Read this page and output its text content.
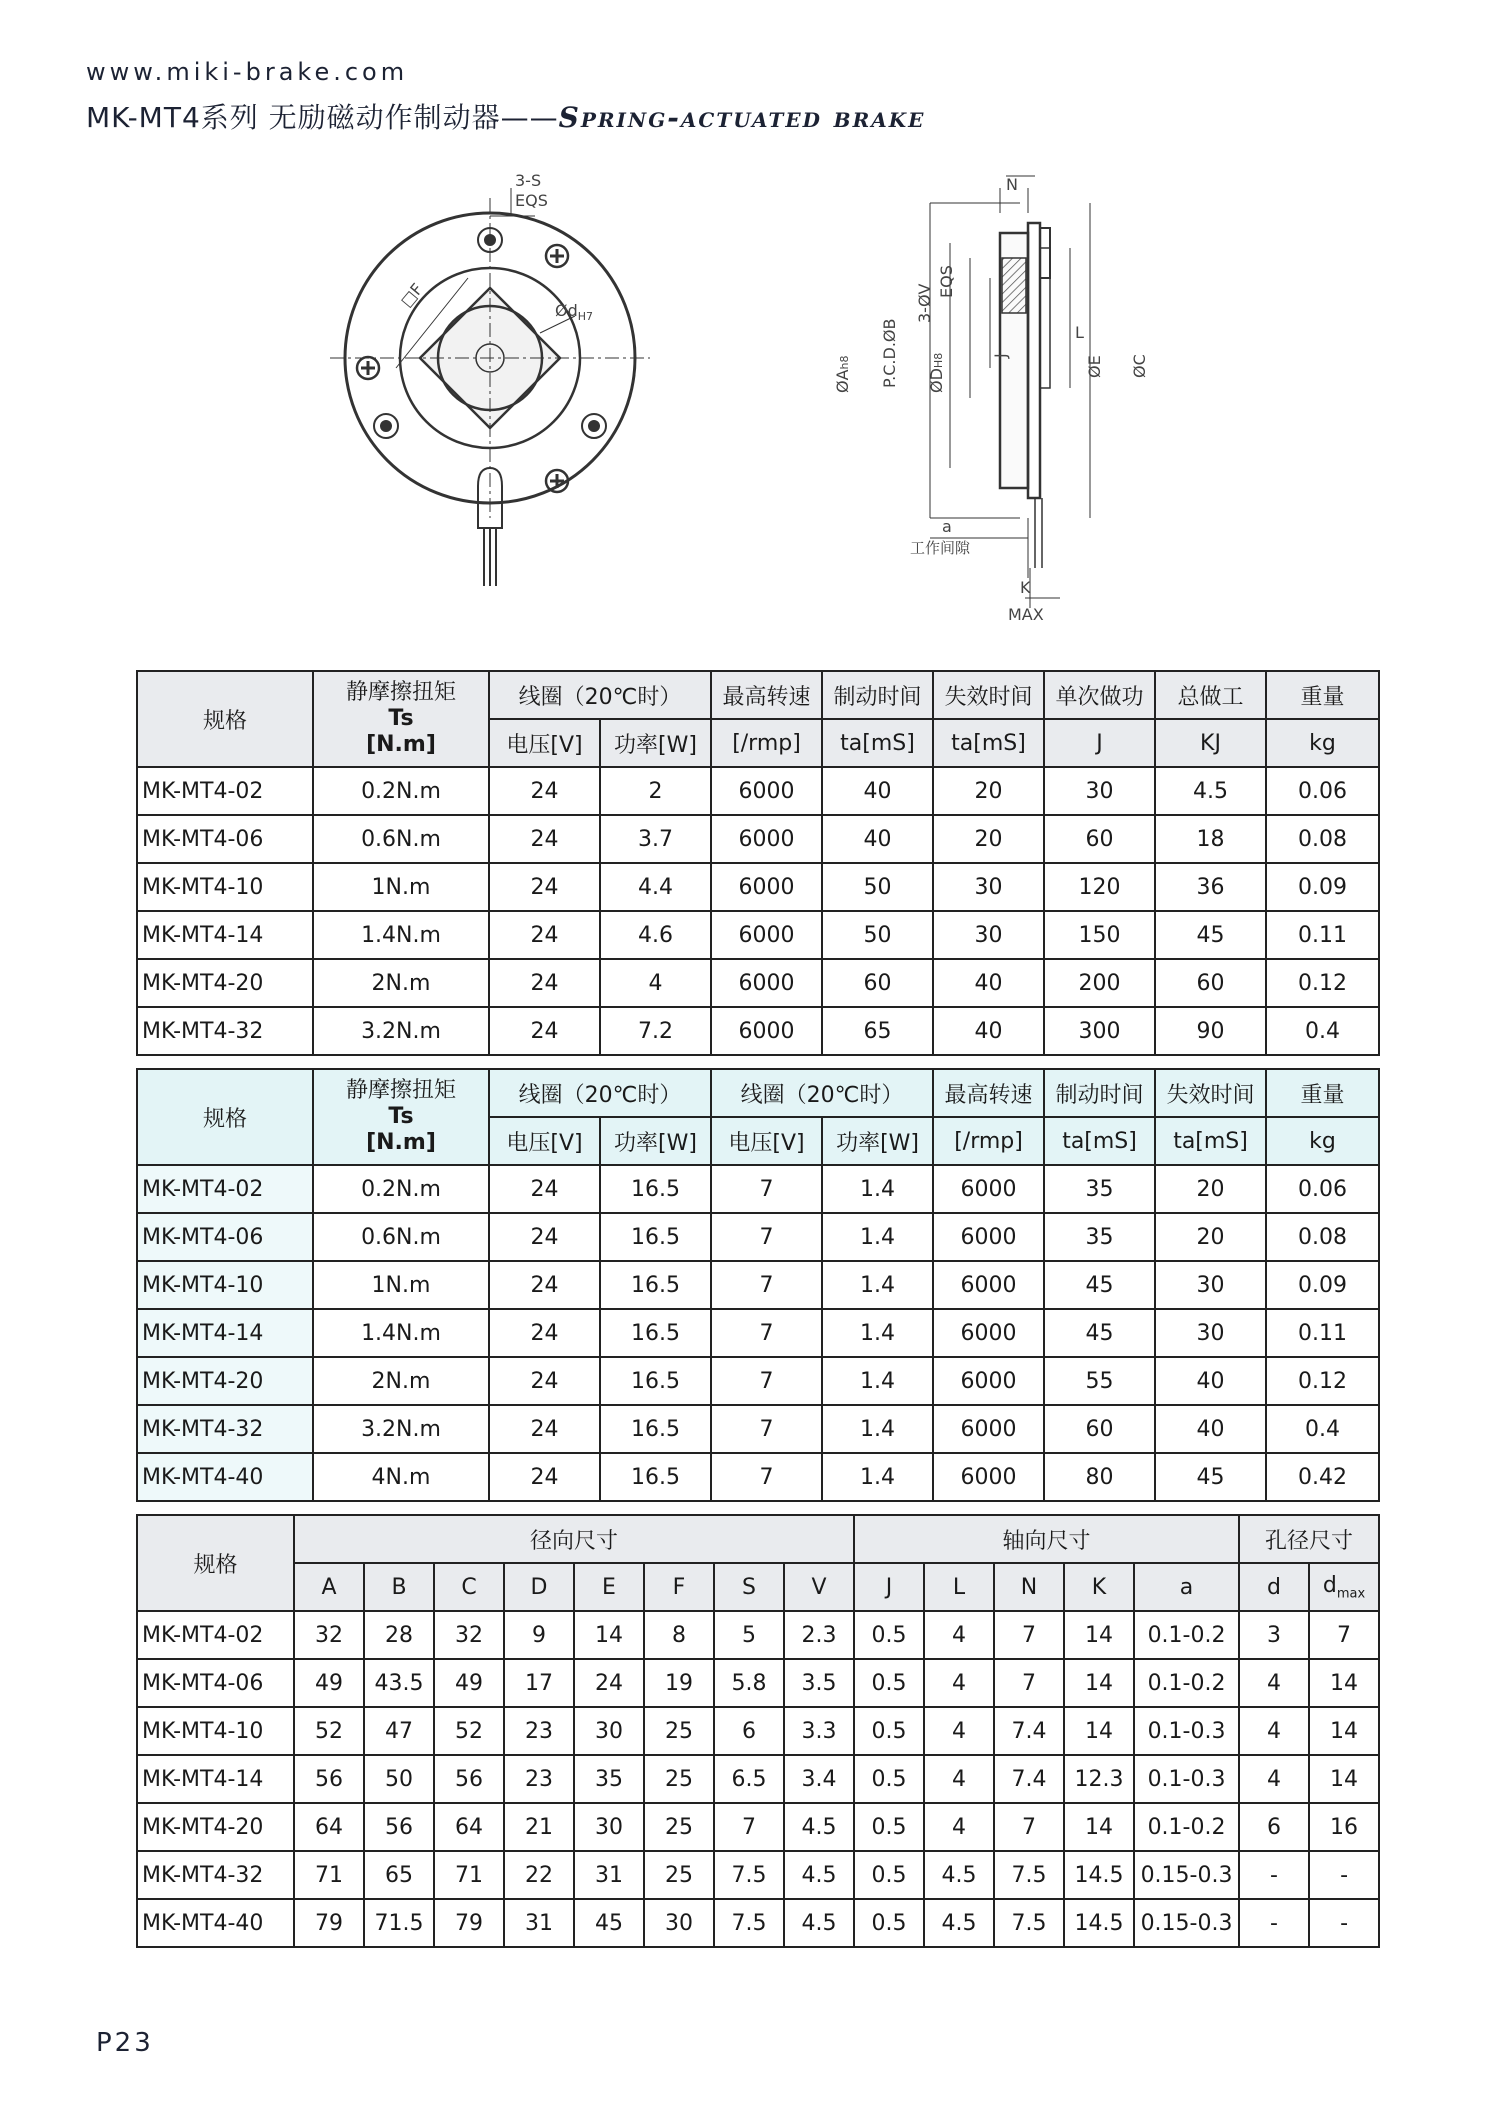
www.miki-brake.com
MK-MT4系列 无励磁动作制动器——Spring-actuated brake
3-S
EQS
□F	$Ød_{H7}$
N
3-ØV
EQS
P.C.D.ØB
ØAh8
ØDH8	J
L
ØE ØC
a
工作间隙
K
MAX
规格	静摩擦扭矩
Ts
[N.m]	线圈（20℃时）		最高转速	制动时间	失效时间	单次做功	总做工	重量
		电压[V]	功率[W]	[/rmp]	ta[mS]	ta[mS]	J	KJ	kg
MK-MT4-02	0.2N.m	24	2	6000	40	20	30	4.5	0.06
MK-MT4-06	0.6N.m	24	3.7	6000	40	20	60	18	0.08
MK-MT4-10	1N.m	24	4.4	6000	50	30	120	36	0.09
MK-MT4-14	1.4N.m	24	4.6	6000	50	30	150	45	0.11
MK-MT4-20	2N.m	24	4	6000	60	40	200	60	0.12
MK-MT4-32	3.2N.m	24	7.2	6000	65	40	300	90	0.4
规格	静摩擦扭矩
Ts
[N.m]	线圈（20℃时）		线圈（20℃时）		最高转速	制动时间	失效时间	重量
		电压[V]	功率[W]	电压[V]	功率[W]	[/rmp]	ta[mS]	ta[mS]	kg
MK-MT4-02	0.2N.m	24	16.5	7	1.4	6000	35	20	0.06
MK-MT4-06	0.6N.m	24	16.5	7	1.4	6000	35	20	0.08
MK-MT4-10	1N.m	24	16.5	7	1.4	6000	45	30	0.09
MK-MT4-14	1.4N.m	24	16.5	7	1.4	6000	45	30	0.11
MK-MT4-20	2N.m	24	16.5	7	1.4	6000	55	40	0.12
MK-MT4-32	3.2N.m	24	16.5	7	1.4	6000	60	40	0.4
MK-MT4-40	4N.m	24	16.5	7	1.4	6000	80	45	0.42
规格	径向尺寸								轴向尺寸					孔径尺寸	
	A	B	C	D	E	F	S	V	J	L	N	K	a	d	$d_{max}$
MK-MT4-02	32	28	32	9	14	8	5	2.3	0.5	4	7	14	0.1-0.2	3	7
MK-MT4-06	49	43.5	49	17	24	19	5.8	3.5	0.5	4	7	14	0.1-0.2	4	14
MK-MT4-10	52	47	52	23	30	25	6	3.3	0.5	4	7.4	14	0.1-0.3	4	14
MK-MT4-14	56	50	56	23	35	25	6.5	3.4	0.5	4	7.4	12.3	0.1-0.3	4	14
MK-MT4-20	64	56	64	21	30	25	7	4.5	0.5	4	7	14	0.1-0.2	6	16
MK-MT4-32	71	65	71	22	31	25	7.5	4.5	0.5	4.5	7.5	14.5	0.15-0.3	-	-
MK-MT4-40	79	71.5	79	31	45	30	7.5	4.5	0.5	4.5	7.5	14.5	0.15-0.3	-	-
P23
